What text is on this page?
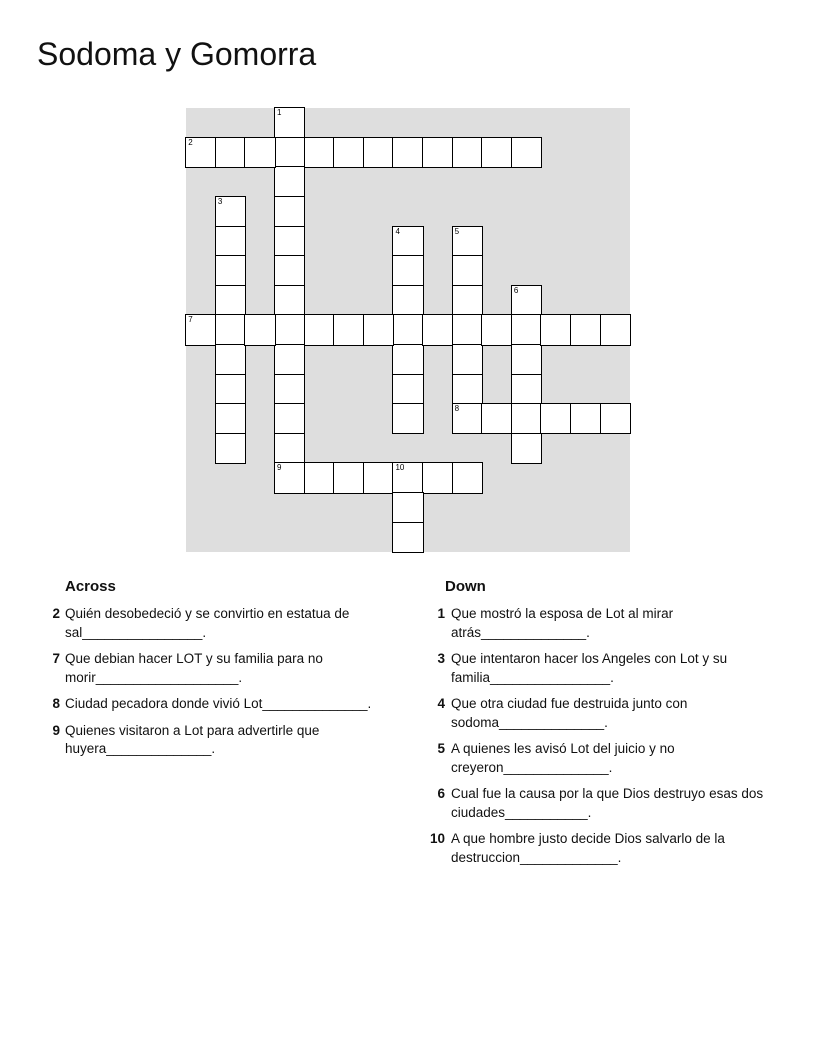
Sodoma y Gomorra
1
9
2
3
4	5
8
6
7
10
Across
2 Quién desobedeció y se convirtio en estatua de sal________________.
7 Que debian hacer LOT y su familia para no morir___________________.
8 Ciudad pecadora donde vivió Lot______________.
9 Quienes visitaron a Lot para advertirle que huyera______________.
Down
1 Que mostró la esposa de Lot al mirar atrás______________.
3 Que intentaron hacer los Angeles con Lot y su familia________________.
4 Que otra ciudad fue destruida junto con sodoma______________.
5 A quienes les avisó Lot del juicio y no creyeron______________.
6 Cual fue la causa por la que Dios destruyo esas dos ciudades___________.
10 A que hombre justo decide Dios salvarlo de la destruccion_____________.
